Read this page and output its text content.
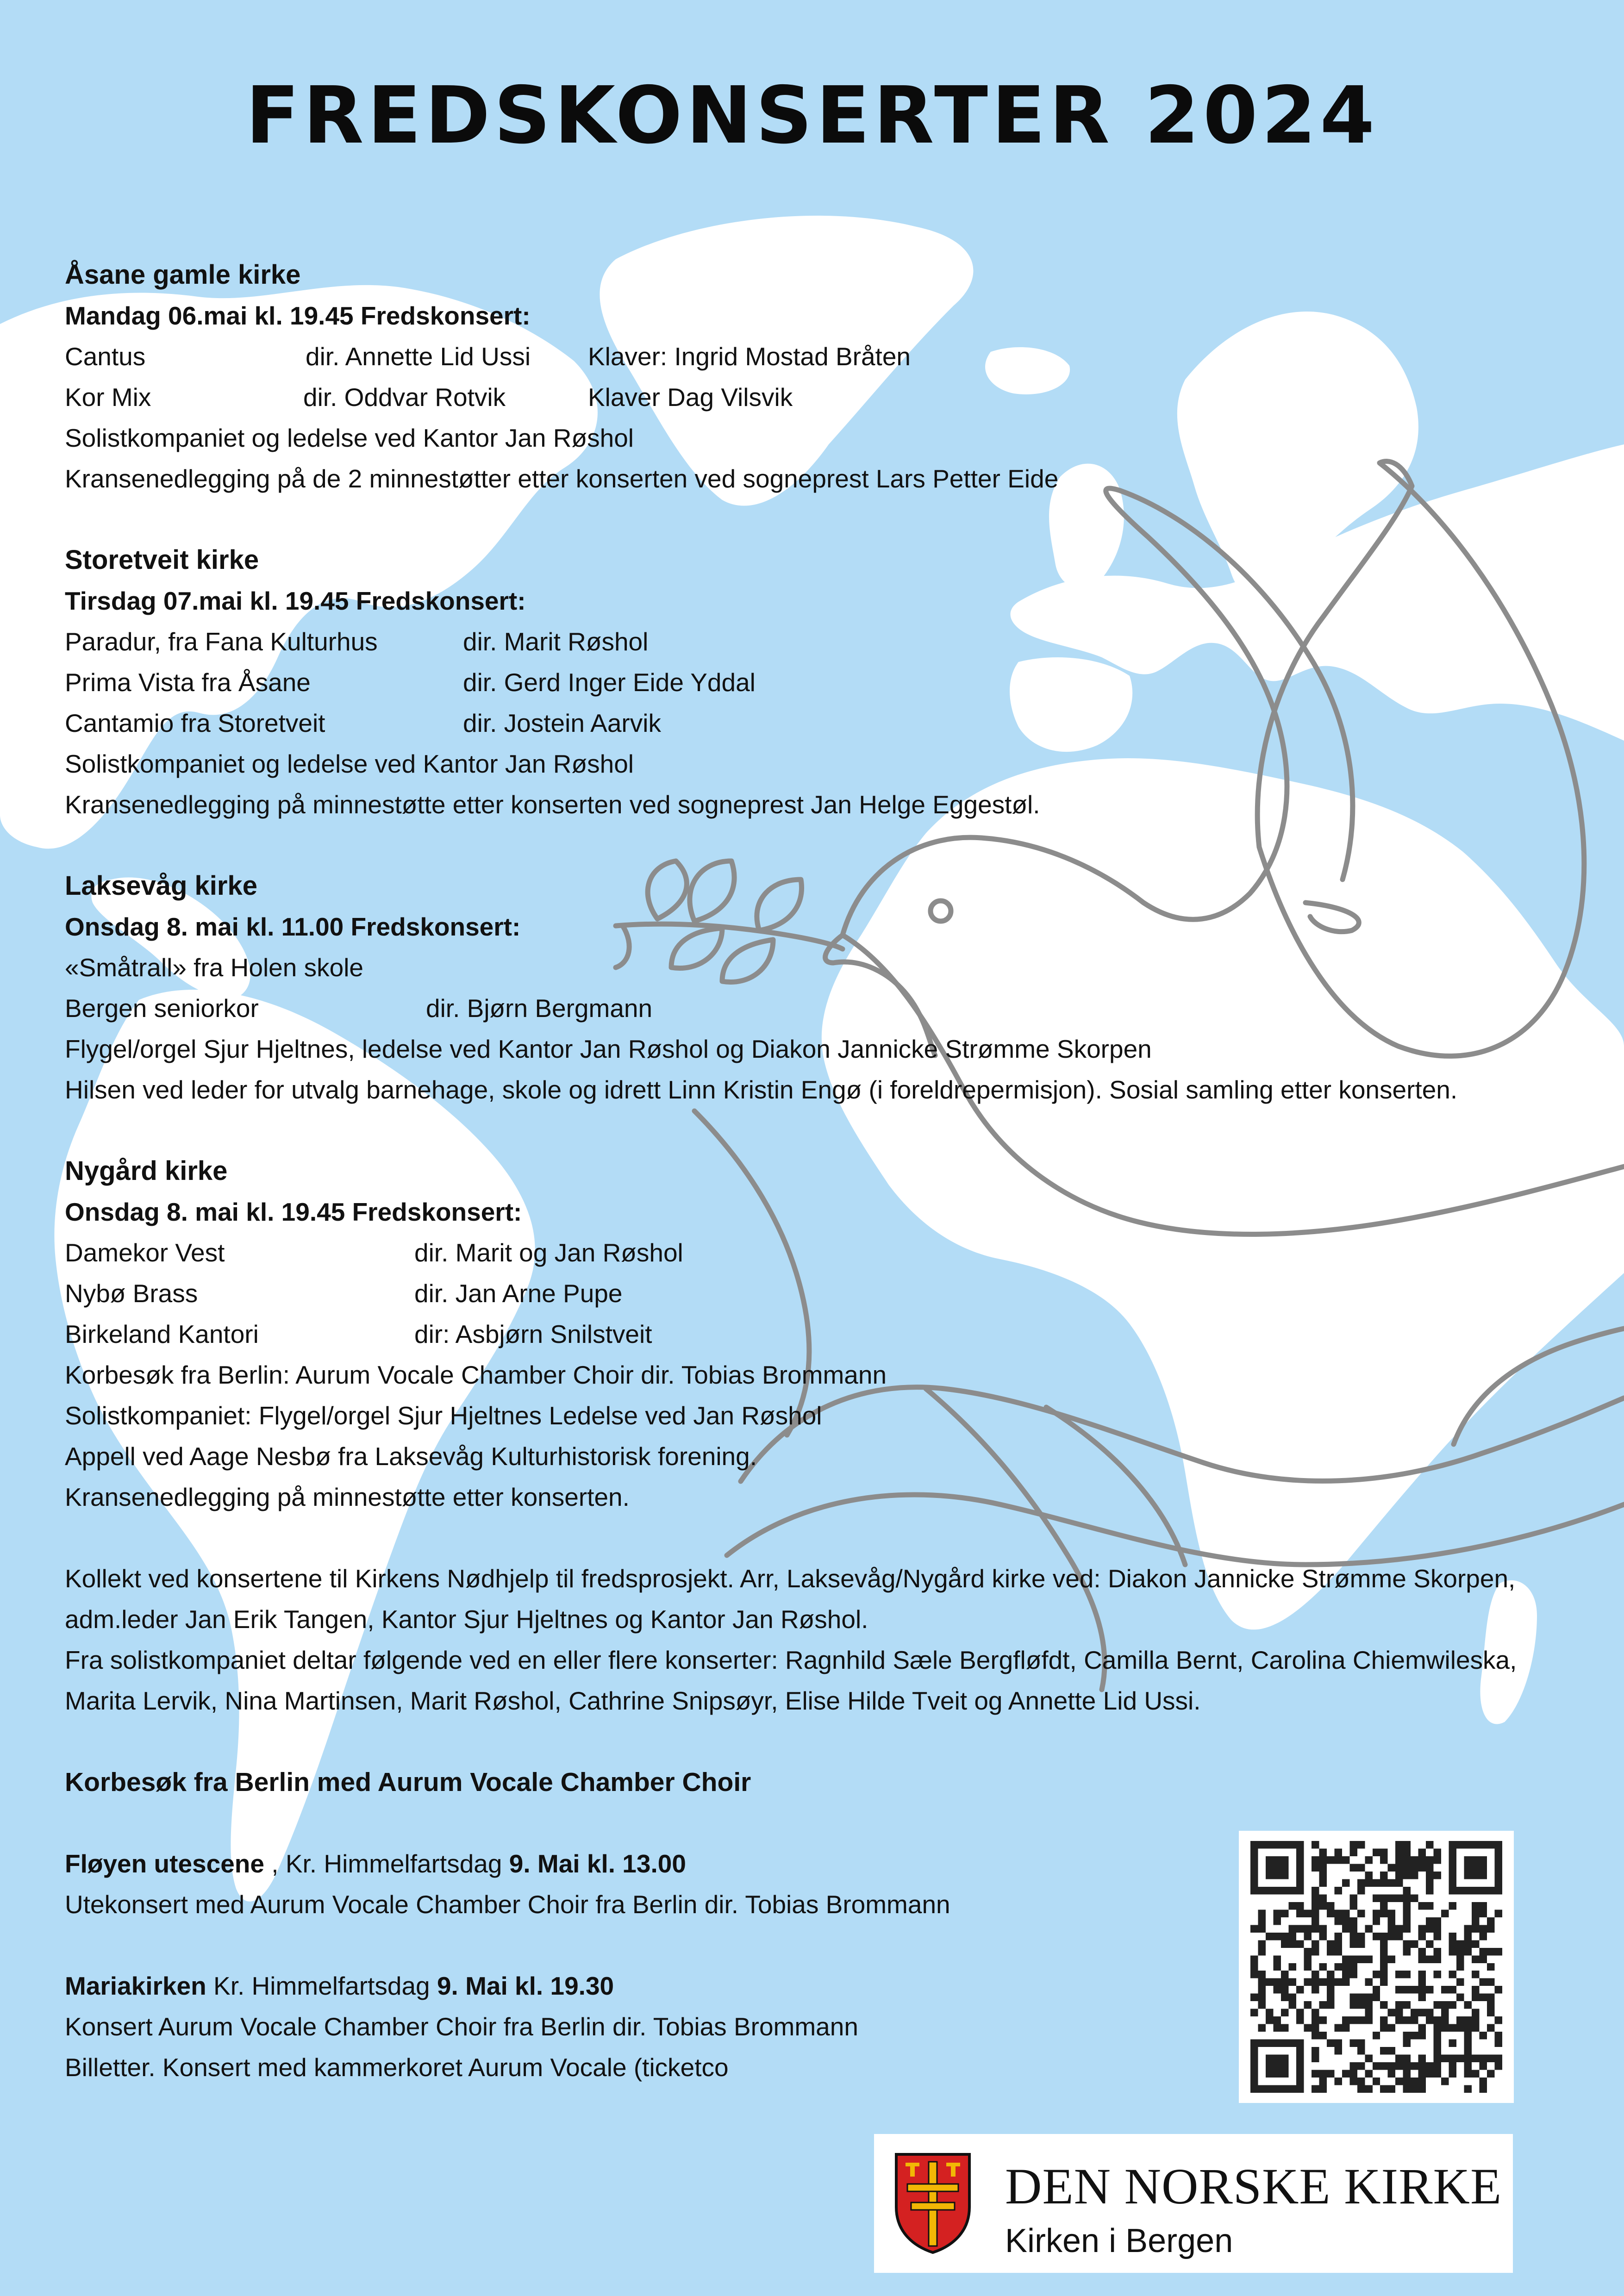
FREDSKONSERTER 2024
Åsane gamle kirke
Mandag 06.mai kl. 19.45 Fredskonsert:
Cantus	dir. Annette Lid Ussi Klaver: Ingrid Mostad Bråten
Kor Mix	dir. Oddvar Rotvik	Klaver Dag Vilsvik
Solistkompaniet og ledelse ved Kantor Jan Røshol
Kransenedlegging på de 2 minnestøtter etter konserten ved sogneprest Lars Petter Eide
Storetveit kirke
Tirsdag 07.mai kl. 19.45 Fredskonsert:
Paradur, fra Fana Kulturhus	dir. Marit Røshol
Prima Vista fra Åsane	dir. Gerd Inger Eide Yddal
Cantamio fra Storetveit	dir. Jostein Aarvik
Solistkompaniet og ledelse ved Kantor Jan Røshol
Kransenedlegging på minnestøtte etter konserten ved sogneprest Jan Helge Eggestøl.
Laksevåg kirke
Onsdag 8. mai kl. 11.00 Fredskonsert:
«Småtrall» fra Holen skole
Bergen seniorkor	dir. Bjørn Bergmann
Flygel/orgel Sjur Hjeltnes, ledelse ved Kantor Jan Røshol og Diakon Jannicke Strømme Skorpen
Hilsen ved leder for utvalg barnehage, skole og idrett Linn Kristin Engø (i foreldrepermisjon). Sosial samling etter konserten.
Nygård kirke
Onsdag 8. mai kl. 19.45 Fredskonsert:
Damekor Vest	dir. Marit og Jan Røshol
Nybø Brass	dir. Jan Arne Pupe
Birkeland Kantori	dir: Asbjørn Snilstveit
Korbesøk fra Berlin: Aurum Vocale Chamber Choir dir. Tobias Brommann
Solistkompaniet: Flygel/orgel Sjur Hjeltnes Ledelse ved Jan Røshol
Appell ved Aage Nesbø fra Laksevåg Kulturhistorisk forening.
Kransenedlegging på minnestøtte etter konserten.
Kollekt ved konsertene til Kirkens Nødhjelp til fredsprosjekt. Arr, Laksevåg/Nygård kirke ved: Diakon Jannicke Strømme Skorpen, adm.leder Jan Erik Tangen, Kantor Sjur Hjeltnes og Kantor Jan Røshol.
Fra solistkompaniet deltar følgende ved en eller flere konserter: Ragnhild Sæle Bergfløfdt, Camilla Bernt, Carolina Chiemwileska, Marita Lervik, Nina Martinsen, Marit Røshol, Cathrine Snipsøyr, Elise Hilde Tveit og Annette Lid Ussi.
Korbesøk fra Berlin med Aurum Vocale Chamber Choir
Fløyen utescene , Kr. Himmelfartsdag 9. Mai kl. 13.00
Utekonsert med Aurum Vocale Chamber Choir fra Berlin dir. Tobias Brommann
Mariakirken Kr. Himmelfartsdag 9. Mai kl. 19.30
Konsert Aurum Vocale Chamber Choir fra Berlin dir. Tobias Brommann
Billetter. Konsert med kammerkoret Aurum Vocale (ticketco
DEN NORSKE KIRKE
Kirken i Bergen
